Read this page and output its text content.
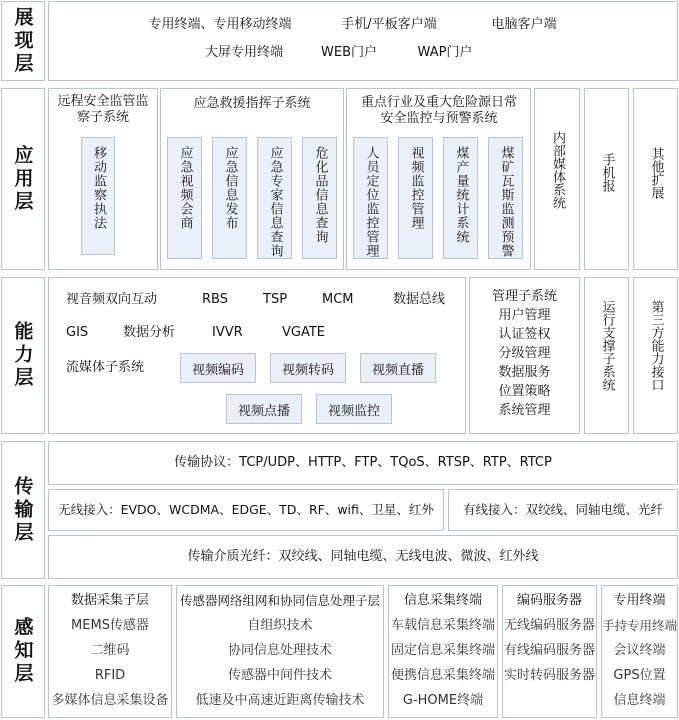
展现层
应用层
能力层
传输层
感知层
专用终端、专用移动终端	手机/平板客户端	电脑客户端
大屏专用终端	WEB门户	WAP门户
远程安全监管监察子系统
移动监察执法
应急救援指挥子系统
应急视频会商 应急信息发布 应急专家信息查询 危化品信息查询
重点行业及重大危险源日常安全监控与预警系统
人员定位监控管理 视频监控管理 煤产量统计系统 煤矿瓦斯监测预警	内部媒体系统	手机报	其他扩展
视音频双向互动	RBS	TSP	MCM	数据总线
GIS	数据分析	IVVR	VGATE
流媒体子系统	视频编码	视频转码	视频直播
视频点播	视频监控
管理子系统
用户管理
认证签权
分级管理
数据服务
位置策略
系统管理
运行支撑子系统	第三方能力接口
传输协议：TCP/UDP、HTTP、FTP、TQoS、RTSP、RTP、RTCP
无线接入：EVDO、WCDMA、EDGE、TD、RF、wifi、卫星、红外	有线接入：双绞线、同轴电缆、光纤
传输介质光纤：双绞线、同轴电缆、无线电波、微波、红外线
数据采集子层
MEMS传感器
二维码
RFID
多媒体信息采集设备
传感器网络组网和协同信息处理子层
自组织技术
协同信息处理技术
传感器中间件技术
低速及中高速近距离传输技术
信息采集终端
车载信息采集终端
固定信息采集终端
便携信息采集终端
G-HOME终端
编码服务器
无线编码服务器
有线编码服务器
实时转码服务器
专用终端
手持专用终端
会议终端
GPS位置
信息终端
